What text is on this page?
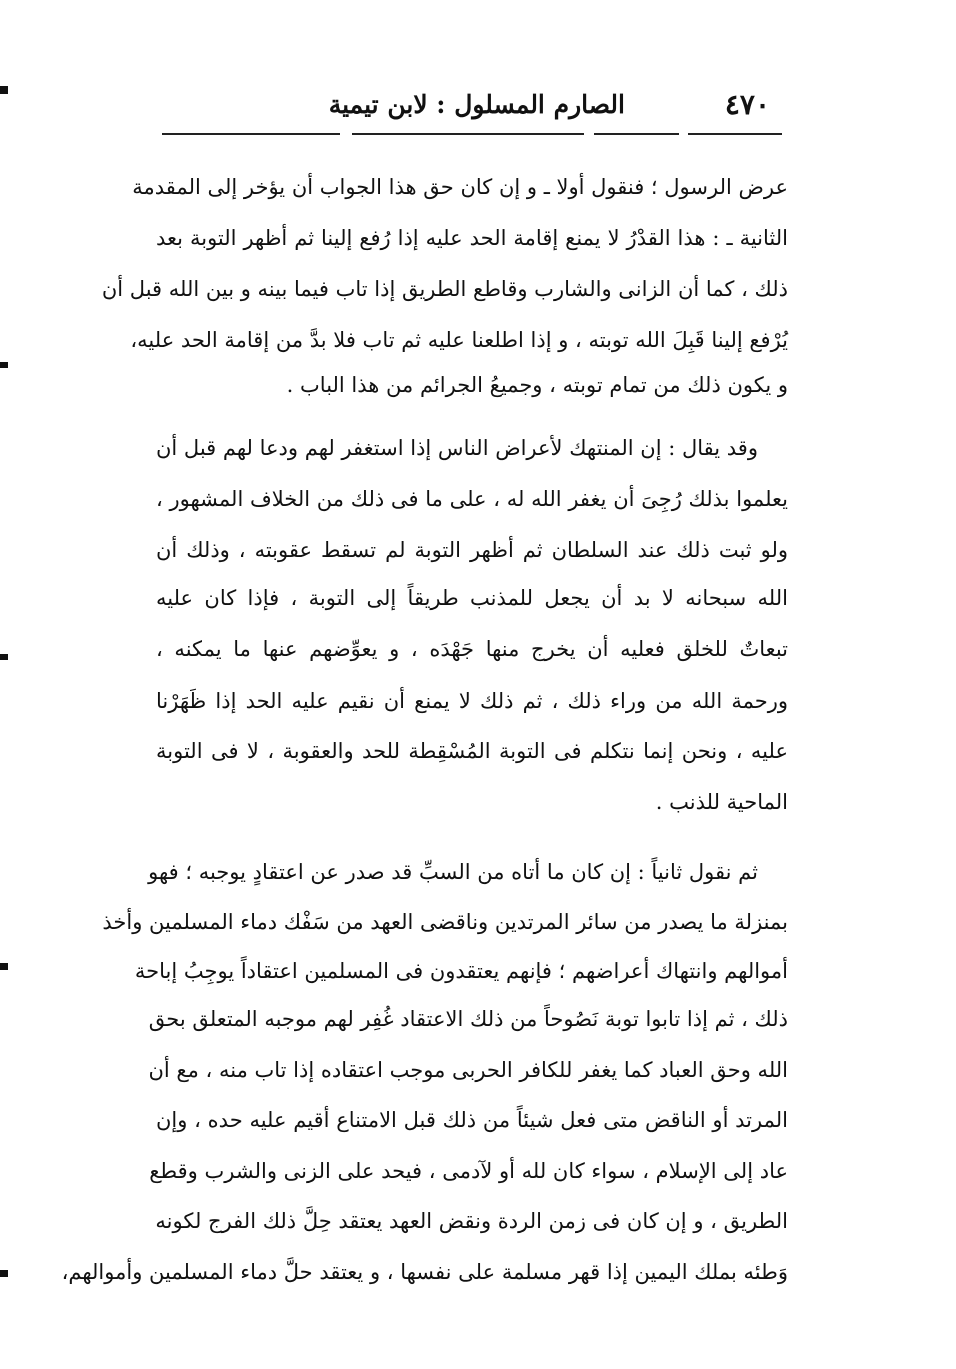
٤٧٠
الصارم المسلول : لابن تيمية
عرض الرسول ؛ فنقول أولا ـ و إن كان حق هذا الجواب أن يؤخر إلى المقدمة
الثانية ـ : هذا القدْرُ لا يمنع إقامة الحد عليه إذا رُفع إلينا ثم أظهر التوبة بعد
ذلك ، كما أن الزانى والشارب وقاطع الطريق إذا تاب فيما بينه و بين الله قبل أن
يُرْفع إلينا قَبِلَ الله توبته ، و إذا اطلعنا عليه ثم تاب فلا بدَّ من إقامة الحد عليه،
و يكون ذلك من تمام توبته ، وجميعُ الجرائم من هذا الباب .
وقد يقال : إن المنتهك لأعراض الناس إذا استغفر لهم ودعا لهم قبل أن
يعلموا بذلك رُجِىَ أن يغفر الله له ، على ما فى ذلك من الخلاف المشهور ،
ولو ثبت ذلك عند السلطان ثم أظهر التوبة لم تسقط عقوبته ، وذلك أن
الله سبحانه لا بد أن يجعل للمذنب طريقاً إلى التوبة ، فإذا كان عليه
تبعاتٌ للخلق فعليه أن يخرج منها جَهْدَه ، و يعوِّضهم عنها ما يمكنه ،
ورحمة الله من وراء ذلك ، ثم ذلك لا يمنع أن نقيم عليه الحد إذا ظَهَرْنا
عليه ، ونحن إنما نتكلم فى التوبة المُسْقِطة للحد والعقوبة ، لا فى التوبة
الماحية للذنب .
ثم نقول ثانياً : إن كان ما أتاه من السبِّ قد صدر عن اعتقادٍ يوجبه ؛ فهو
بمنزلة ما يصدر من سائر المرتدين وناقضى العهد من سَفْك دماء المسلمين وأخذ
أموالهم وانتهاك أعراضهم ؛ فإنهم يعتقدون فى المسلمين اعتقاداً يوجِبُ إباحة
ذلك ، ثم إذا تابوا توبة نَصُوحاً من ذلك الاعتقاد غُفِر لهم موجبه المتعلق بحق
الله وحق العباد كما يغفر للكافر الحربى موجب اعتقاده إذا تاب منه ، مع أن
المرتد أو الناقض متى فعل شيئاً من ذلك قبل الامتناع أقيم عليه حده ، وإن
عاد إلى الإسلام ، سواء كان لله أو لآدمى ، فيحد على الزنى والشرب وقطع
الطريق ، و إن كان فى زمن الردة ونقض العهد يعتقد حِلَّ ذلك الفرج لكونه
وَطئه بملك اليمين إذا قهر مسلمة على نفسها ، و يعتقد حلَّ دماء المسلمين وأموالهم،
